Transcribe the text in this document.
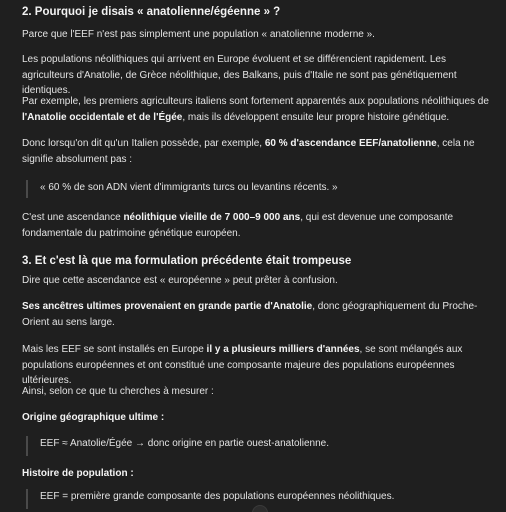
2. Pourquoi je disais « anatolienne/égéenne » ?

Parce que l'EEF n'est pas simplement une population « anatolienne moderne ».

Les populations néolithiques qui arrivent en Europe évoluent et se différencient rapidement. Les agriculteurs d'Anatolie, de Grèce néolithique, des Balkans, puis d'Italie ne sont pas génétiquement identiques.

Par exemple, les premiers agriculteurs italiens sont fortement apparentés aux populations néolithiques de l'Anatolie occidentale et de l'Égée, mais ils développent ensuite leur propre histoire génétique.

Donc lorsqu'on dit qu'un Italien possède, par exemple, 60 % d'ascendance EEF/anatolienne, cela ne signifie absolument pas :

« 60 % de son ADN vient d'immigrants turcs ou levantins récents. »

C'est une ascendance néolithique vieille de 7 000–9 000 ans, qui est devenue une composante fondamentale du patrimoine génétique européen.

3. Et c'est là que ma formulation précédente était trompeuse

Dire que cette ascendance est « européenne » peut prêter à confusion.

Ses ancêtres ultimes provenaient en grande partie d'Anatolie, donc géographiquement du Proche-Orient au sens large.

Mais les EEF se sont installés en Europe il y a plusieurs milliers d'années, se sont mélangés aux populations européennes et ont constitué une composante majeure des populations européennes ultérieures.

Ainsi, selon ce que tu cherches à mesurer :

Origine géographique ultime :

EEF ≈ Anatolie/Égée → donc origine en partie ouest-anatolienne.

Histoire de population :

EEF = première grande composante des populations européennes néolithiques.
